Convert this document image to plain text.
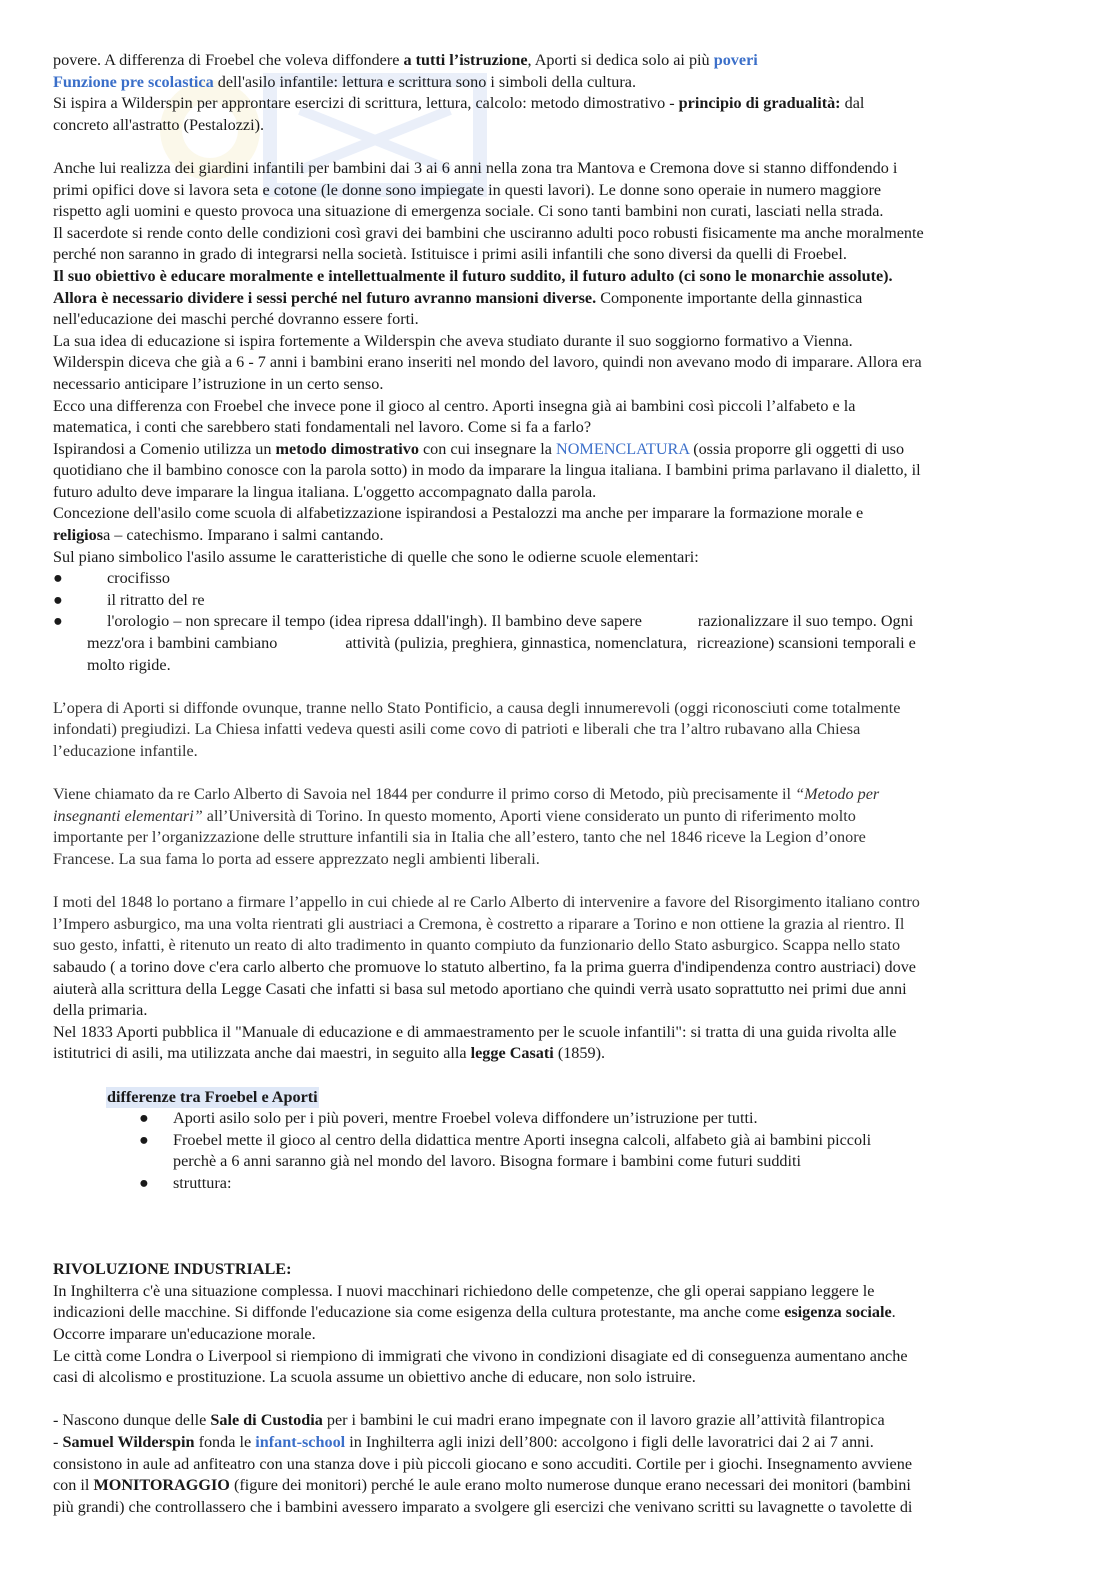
povere. A differenza di Froebel che voleva diffondere a tutti l’istruzione, Aporti si dedica solo ai più poveri
Funzione pre scolastica dell'asilo infantile: lettura e scrittura sono i simboli della cultura.
Si ispira a Wilderspin per approntare esercizi di scrittura, lettura, calcolo: metodo dimostrativo - principio di gradualità: dal
concreto all'astratto (Pestalozzi).
Anche lui realizza dei giardini infantili per bambini dai 3 ai 6 anni nella zona tra Mantova e Cremona dove si stanno diffondendo i
primi opifici dove si lavora seta e cotone (le donne sono impiegate in questi lavori). Le donne sono operaie in numero maggiore
rispetto agli uomini e questo provoca una situazione di emergenza sociale. Ci sono tanti bambini non curati, lasciati nella strada.
Il sacerdote si rende conto delle condizioni così gravi dei bambini che usciranno adulti poco robusti fisicamente ma anche moralmente
perché non saranno in grado di integrarsi nella società. Istituisce i primi asili infantili che sono diversi da quelli di Froebel.
Il suo obiettivo è educare moralmente e intellettualmente il futuro suddito, il futuro adulto (ci sono le monarchie assolute).
Allora è necessario dividere i sessi perché nel futuro avranno mansioni diverse. Componente importante della ginnastica
nell'educazione dei maschi perché dovranno essere forti.
La sua idea di educazione si ispira fortemente a Wilderspin che aveva studiato durante il suo soggiorno formativo a Vienna.
Wilderspin diceva che già a 6 - 7 anni i bambini erano inseriti nel mondo del lavoro, quindi non avevano modo di imparare. Allora era
necessario anticipare l’istruzione in un certo senso.
Ecco una differenza con Froebel che invece pone il gioco al centro. Aporti insegna già ai bambini così piccoli l’alfabeto e la
matematica, i conti che sarebbero stati fondamentali nel lavoro. Come si fa a farlo?
Ispirandosi a Comenio utilizza un metodo dimostrativo con cui insegnare la NOMENCLATURA (ossia proporre gli oggetti di uso
quotidiano che il bambino conosce con la parola sotto) in modo da imparare la lingua italiana. I bambini prima parlavano il dialetto, il
futuro adulto deve imparare la lingua italiana. L'oggetto accompagnato dalla parola.
Concezione dell'asilo come scuola di alfabetizzazione ispirandosi a Pestalozzi ma anche per imparare la formazione morale e
religiosa – catechismo. Imparano i salmi cantando.
Sul piano simbolico l'asilo assume le caratteristiche di quelle che sono le odierne scuole elementari:
●	crocifisso
●	il ritratto del re
●	l'orologio – non sprecare il tempo (idea ripresa ddall'ingh). Il bambino deve sapere	razionalizzare il suo tempo. Ogni
mezz'ora i bambini cambiano	attività (pulizia, preghiera, ginnastica, nomenclatura, ricreazione) scansioni temporali e
molto rigide.
L’opera di Aporti si diffonde ovunque, tranne nello Stato Pontificio, a causa degli innumerevoli (oggi riconosciuti come totalmente
infondati) pregiudizi. La Chiesa infatti vedeva questi asili come covo di patrioti e liberali che tra l’altro rubavano alla Chiesa
l’educazione infantile.
Viene chiamato da re Carlo Alberto di Savoia nel 1844 per condurre il primo corso di Metodo, più precisamente il “Metodo per
insegnanti elementari” all’Università di Torino. In questo momento, Aporti viene considerato un punto di riferimento molto
importante per l’organizzazione delle strutture infantili sia in Italia che all’estero, tanto che nel 1846 riceve la Legion d’onore
Francese. La sua fama lo porta ad essere apprezzato negli ambienti liberali.
I moti del 1848 lo portano a firmare l’appello in cui chiede al re Carlo Alberto di intervenire a favore del Risorgimento italiano contro
l’Impero asburgico, ma una volta rientrati gli austriaci a Cremona, è costretto a riparare a Torino e non ottiene la grazia al rientro. Il
suo gesto, infatti, è ritenuto un reato di alto tradimento in quanto compiuto da funzionario dello Stato asburgico. Scappa nello stato
sabaudo ( a torino dove c'era carlo alberto che promuove lo statuto albertino, fa la prima guerra d'indipendenza contro austriaci) dove
aiuterà alla scrittura della Legge Casati che infatti si basa sul metodo aportiano che quindi verrà usato soprattutto nei primi due anni
della primaria.
Nel 1833 Aporti pubblica il "Manuale di educazione e di ammaestramento per le scuole infantili": si tratta di una guida rivolta alle
istitutrici di asili, ma utilizzata anche dai maestri, in seguito alla legge Casati (1859).
differenze tra Froebel e Aporti
● Aporti asilo solo per i più poveri, mentre Froebel voleva diffondere un’istruzione per tutti.
● Froebel mette il gioco al centro della didattica mentre Aporti insegna calcoli, alfabeto già ai bambini piccoli
perchè a 6 anni saranno già nel mondo del lavoro. Bisogna formare i bambini come futuri sudditi
● struttura:
RIVOLUZIONE INDUSTRIALE:
In Inghilterra c'è una situazione complessa. I nuovi macchinari richiedono delle competenze, che gli operai sappiano leggere le
indicazioni delle macchine. Si diffonde l'educazione sia come esigenza della cultura protestante, ma anche come esigenza sociale.
Occorre imparare un'educazione morale.
Le città come Londra o Liverpool si riempiono di immigrati che vivono in condizioni disagiate ed di conseguenza aumentano anche
casi di alcolismo e prostituzione. La scuola assume un obiettivo anche di educare, non solo istruire.
- Nascono dunque delle Sale di Custodia per i bambini le cui madri erano impegnate con il lavoro grazie all’attività filantropica
- Samuel Wilderspin fonda le infant-school in Inghilterra agli inizi dell’800: accolgono i figli delle lavoratrici dai 2 ai 7 anni.
consistono in aule ad anfiteatro con una stanza dove i più piccoli giocano e sono accuditi. Cortile per i giochi. Insegnamento avviene
con il MONITORAGGIO (figure dei monitori) perché le aule erano molto numerose dunque erano necessari dei monitori (bambini
più grandi) che controllassero che i bambini avessero imparato a svolgere gli esercizi che venivano scritti su lavagnette o tavolette di
